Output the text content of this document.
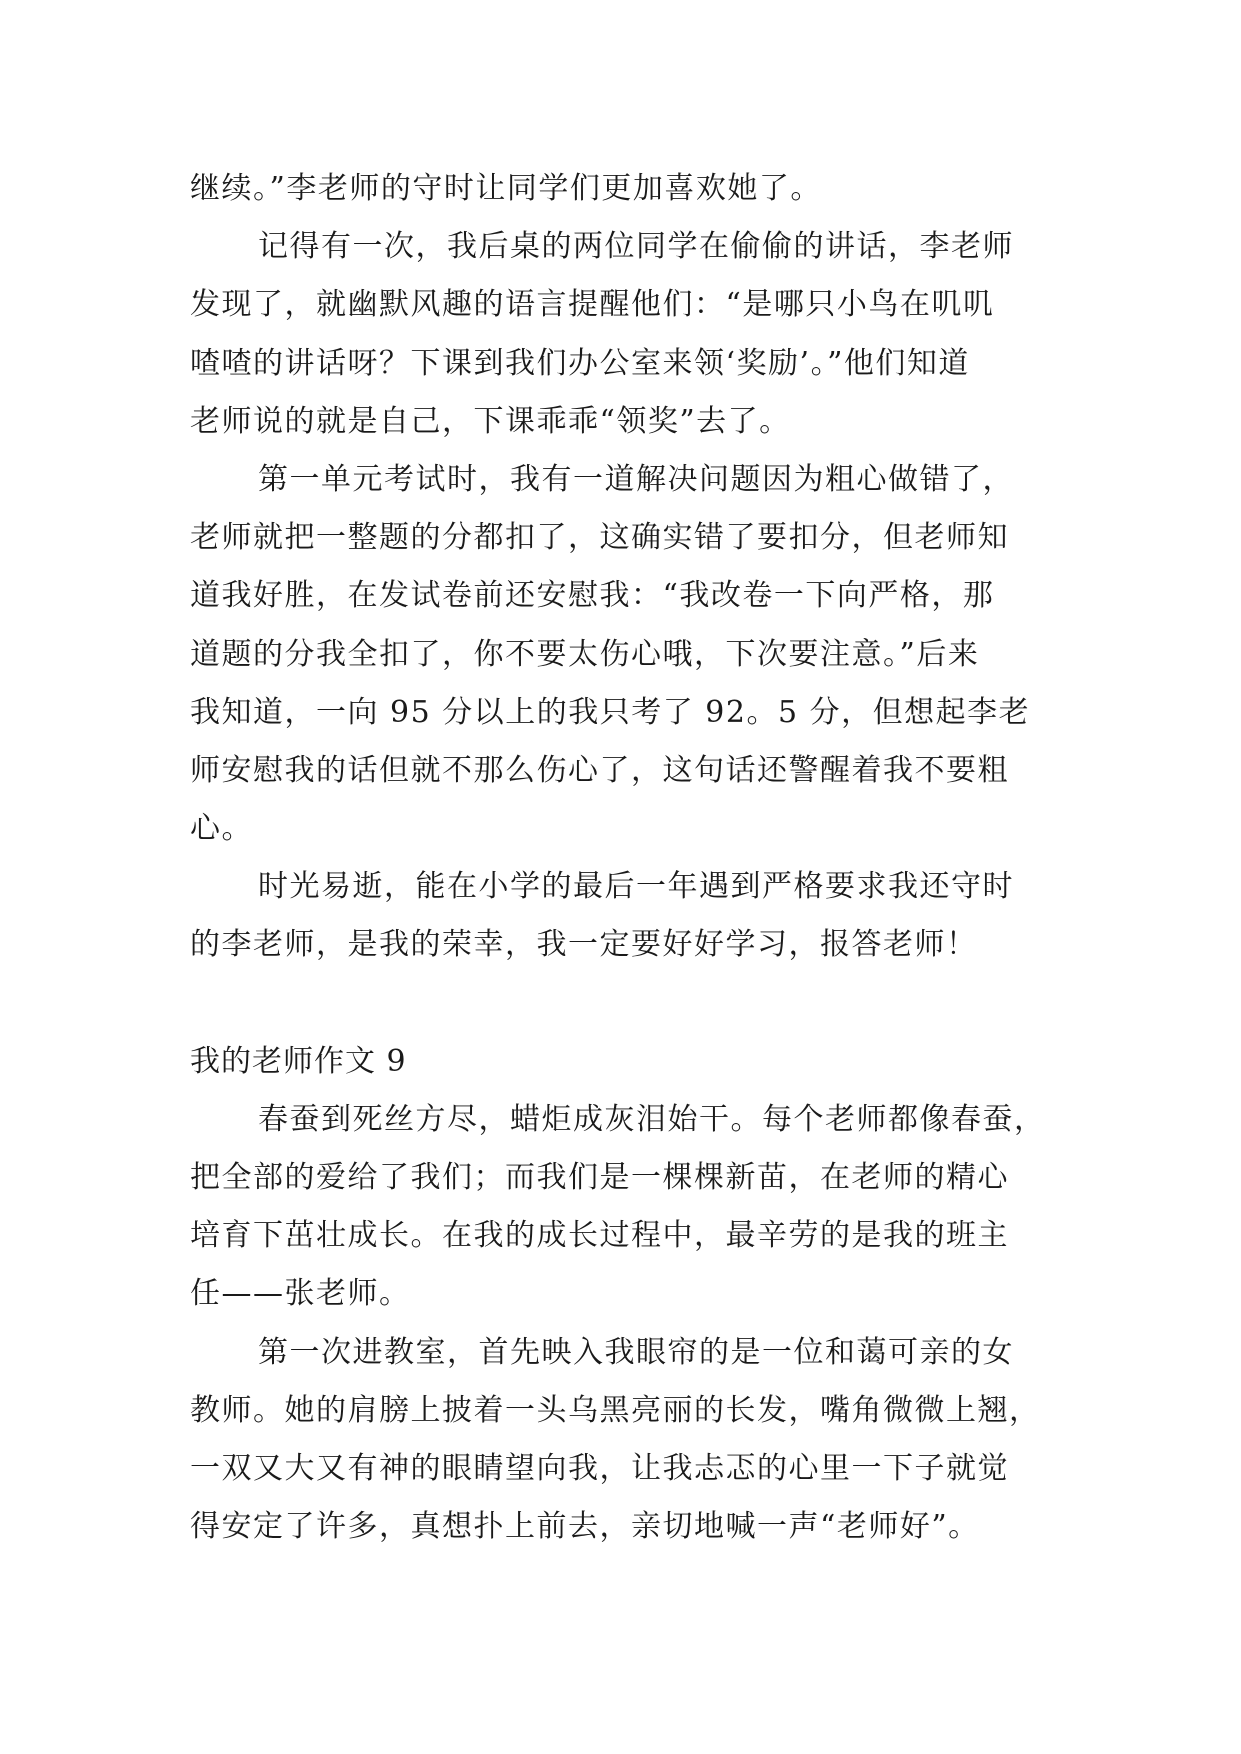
继续。”李老师的守时让同学们更加喜欢她了。
记得有一次，我后桌的两位同学在偷偷的讲话，李老师
发现了，就幽默风趣的语言提醒他们：“是哪只小鸟在叽叽
喳喳的讲话呀？下课到我们办公室来领‘奖励’。”他们知道
老师说的就是自己，下课乖乖“领奖”去了。
第一单元考试时，我有一道解决问题因为粗心做错了，
老师就把一整题的分都扣了，这确实错了要扣分，但老师知
道我好胜，在发试卷前还安慰我：“我改卷一下向严格，那
道题的分我全扣了，你不要太伤心哦，下次要注意。”后来
我知道，一向 95 分以上的我只考了 92。5 分，但想起李老
师安慰我的话但就不那么伤心了，这句话还警醒着我不要粗
心。
时光易逝，能在小学的最后一年遇到严格要求我还守时
的李老师，是我的荣幸，我一定要好好学习，报答老师！
我的老师作文 9
春蚕到死丝方尽，蜡炬成灰泪始干。每个老师都像春蚕，
把全部的爱给了我们；而我们是一棵棵新苗，在老师的精心
培育下茁壮成长。在我的成长过程中，最辛劳的是我的班主
任——张老师。
第一次进教室，首先映入我眼帘的是一位和蔼可亲的女
教师。她的肩膀上披着一头乌黑亮丽的长发，嘴角微微上翘，
一双又大又有神的眼睛望向我，让我忐忑的心里一下子就觉
得安定了许多，真想扑上前去，亲切地喊一声“老师好”。
